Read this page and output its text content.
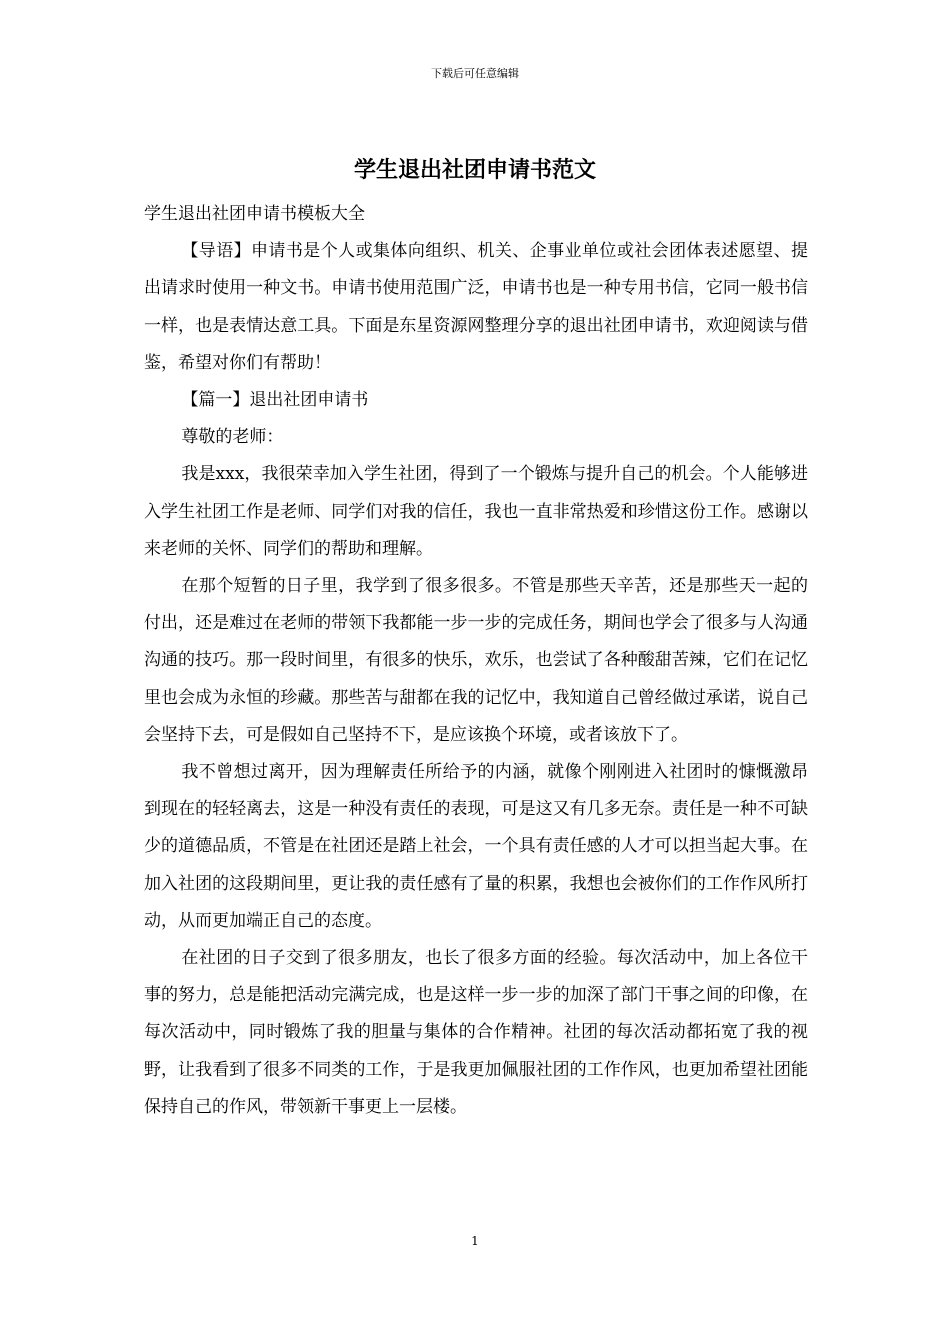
下载后可任意编辑
学生退出社团申请书范文

学生退出社团申请书模板大全

【导语】申请书是个人或集体向组织、机关、企事业单位或社会团体表述愿望、提出请求时使用一种文书。申请书使用范围广泛，申请书也是一种专用书信，它同一般书信一样，也是表情达意工具。下面是东星资源网整理分享的退出社团申请书，欢迎阅读与借鉴，希望对你们有帮助！

【篇一】退出社团申请书

尊敬的老师：

我是xxx，我很荣幸加入学生社团，得到了一个锻炼与提升自己的机会。个人能够进入学生社团工作是老师、同学们对我的信任，我也一直非常热爱和珍惜这份工作。感谢以来老师的关怀、同学们的帮助和理解。

在那个短暂的日子里，我学到了很多很多。不管是那些天辛苦，还是那些天一起的付出，还是难过在老师的带领下我都能一步一步的完成任务，期间也学会了很多与人沟通沟通的技巧。那一段时间里，有很多的快乐，欢乐，也尝试了各种酸甜苦辣，它们在记忆里也会成为永恒的珍藏。那些苦与甜都在我的记忆中，我知道自己曾经做过承诺，说自己会坚持下去，可是假如自己坚持不下，是应该换个环境，或者该放下了。

我不曾想过离开，因为理解责任所给予的内涵，就像个刚刚进入社团时的慷慨激昂到现在的轻轻离去，这是一种没有责任的表现，可是这又有几多无奈。责任是一种不可缺少的道德品质，不管是在社团还是踏上社会，一个具有责任感的人才可以担当起大事。在加入社团的这段期间里，更让我的责任感有了量的积累，我想也会被你们的工作作风所打动，从而更加端正自己的态度。

在社团的日子交到了很多朋友，也长了很多方面的经验。每次活动中，加上各位干事的努力，总是能把活动完满完成，也是这样一步一步的加深了部门干事之间的印像，在每次活动中，同时锻炼了我的胆量与集体的合作精神。社团的每次活动都拓宽了我的视野，让我看到了很多不同类的工作，于是我更加佩服社团的工作作风，也更加希望社团能保持自己的作风，带领新干事更上一层楼。

1
